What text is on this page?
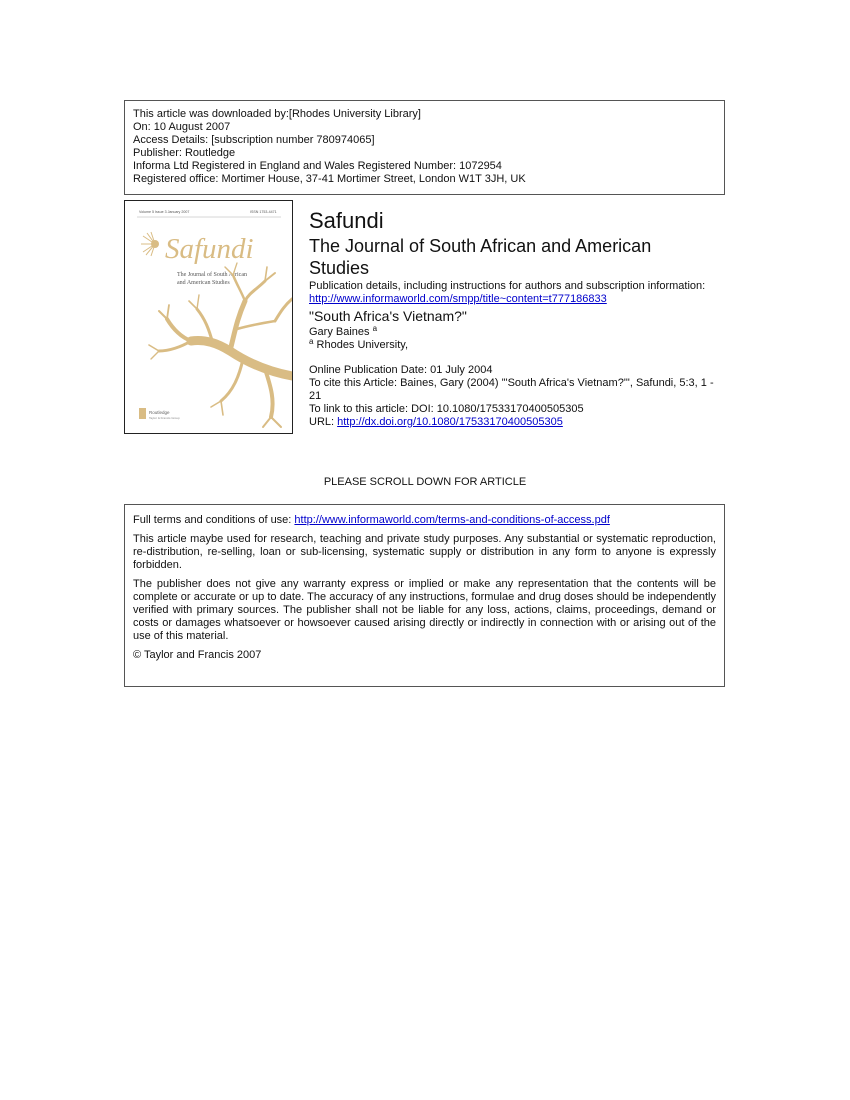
This article was downloaded by:[Rhodes University Library]
On: 10 August 2007
Access Details: [subscription number 780974065]
Publisher: Routledge
Informa Ltd Registered in England and Wales Registered Number: 1072954
Registered office: Mortimer House, 37-41 Mortimer Street, London W1T 3JH, UK
Volume 5 Issue 3 January 2007	ISSN 1753-4471
Safundi
The Journal of South African
and American Studies
Routledge
Taylor & Francis Group
Safundi
The Journal of South African and American
Studies
Publication details, including instructions for authors and subscription information:
http://www.informaworld.com/smpp/title~content=t777186833
"South Africa's Vietnam?"
Gary Baines $^a$
$^a$ Rhodes University,
Online Publication Date: 01 July 2004
To cite this Article: Baines, Gary (2004) '"South Africa's Vietnam?"', Safundi, 5:3, 1 -
21
To link to this article: DOI: 10.1080/17533170400505305
URL: http://dx.doi.org/10.1080/17533170400505305
PLEASE SCROLL DOWN FOR ARTICLE

Full terms and conditions of use: http://www.informaworld.com/terms-and-conditions-of-access.pdf

This article maybe used for research, teaching and private study purposes. Any substantial or systematic reproduction, re-distribution, re-selling, loan or sub-licensing, systematic supply or distribution in any form to anyone is expressly forbidden.

The publisher does not give any warranty express or implied or make any representation that the contents will be complete or accurate or up to date. The accuracy of any instructions, formulae and drug doses should be independently verified with primary sources. The publisher shall not be liable for any loss, actions, claims, proceedings, demand or costs or damages whatsoever or howsoever caused arising directly or indirectly in connection with or arising out of the use of this material.

© Taylor and Francis 2007
